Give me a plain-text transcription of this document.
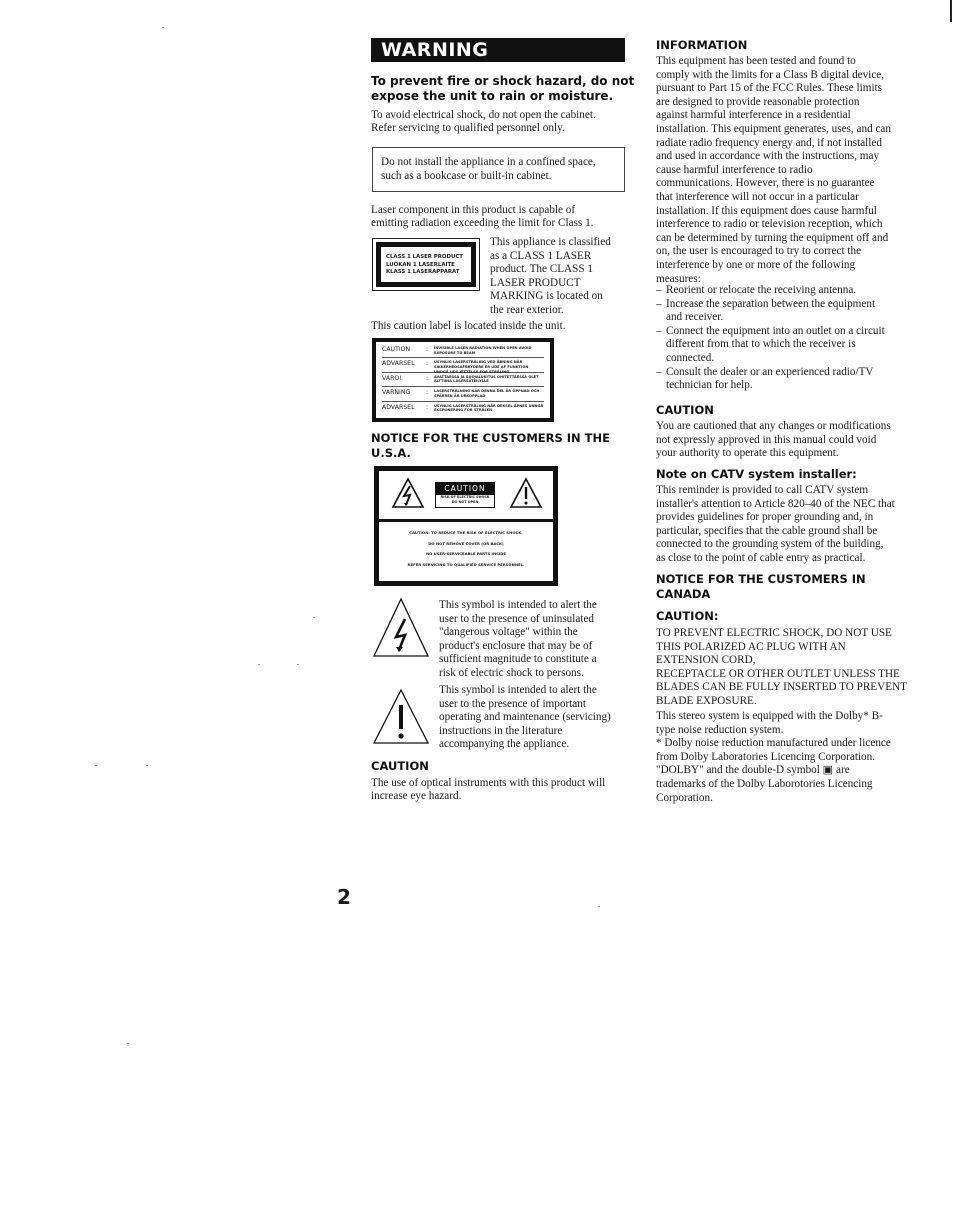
WARNING
To prevent fire or shock hazard, do not
expose the unit to rain or moisture.
To avoid electrical shock, do not open the cabinet.
Refer servicing to qualified personnel only.
Do not install the appliance in a confined space,
such as a bookcase or built-in cabinet.
Laser component in this product is capable of
emitting radiation exceeding the limit for Class 1.
CLASS 1 LASER PRODUCT
LUOKAN 1 LASERLAITE
KLASS 1 LASERAPPARAT
This appliance is classified
as a CLASS 1 LASER
product. The CLASS 1
LASER PRODUCT
MARKING is located on
the rear exterior.
This caution label is located inside the unit.
CAUTION	:	INVISIBLE LASER RADIATION WHEN OPEN AVOID EXPOSURE TO BEAM
ADVARSEL	:	USYNLIG LASERSTRÅLING VED ÅBNING NÅR SIKKERHEDSAFBRYDERE ER UDE AF FUNKTION UNDGÅ UDS ÆTTELSE FOR STRÅLING
VARO!	:	AVATTAESSA JA SUOJALUKITUS OHITETTAESSA OLET ALTTIINA LASERSÄTEILYLLE
VARNING	:	LASERSTRÅLNING NÄR DENNA DEL ÄR ÖPPNAD OCH SPÄRREN ÄR URKOPPLAD
ADVARSEL	:	USYNLIG LASERSTRÅLING NÅR DEKSEL ÅPNES UNNGÅ EKSPONERING FOR STRÅLEN
NOTICE FOR THE CUSTOMERS IN THE
U.S.A.
CAUTION
RISK OF ELECTRIC SHOCK
DO NOT OPEN
CAUTION: TO REDUCE THE RISK OF ELECTRIC SHOCK,
DO NOT REMOVE COVER (OR BACK)
NO USER-SERVICEABLE PARTS INSIDE
REFER SERVICING TO QUALIFIED SERVICE PERSONNEL.
This symbol is intended to alert the
user to the presence of uninsulated
"dangerous voltage" within the
product's enclosure that may be of
sufficient magnitude to constitute a
risk of electric shock to persons.
This symbol is intended to alert the
user to the presence of important
operating and maintenance (servicing)
instructions in the literature
accompanying the appliance.
CAUTION
The use of optical instruments with this product will
increase eye hazard.
INFORMATION
This equipment has been tested and found to
comply with the limits for a Class B digital device,
pursuant to Part 15 of the FCC Rules. These limits
are designed to provide reasonable protection
against harmful interference in a residential
installation. This equipment generates, uses, and can
radiate radio frequency energy and, if not installed
and used in accordance with the instructions, may
cause harmful interference to radio
communications. However, there is no guarantee
that interference will not occur in a particular
installation. If this equipment does cause harmful
interference to radio or television reception, which
can be determined by turning the equipment off and
on, the user is encouraged to try to correct the
interference by one or more of the following
measures:
– Reorient or relocate the receiving antenna.
– Increase the separation between the equipment
and receiver.
– Connect the equipment into an outlet on a circuit
different from that to which the receiver is
connected.
– Consult the dealer or an experienced radio/TV
technician for help.
CAUTION
You are cautioned that any changes or modifications
not expressly approved in this manual could void
your authority to operate this equipment.
Note on CATV system installer:
This reminder is provided to call CATV system
installer's attention to Article 820–40 of the NEC that
provides guidelines for proper grounding and, in
particular, specifies that the cable ground shall be
connected to the grounding system of the building,
as close to the point of cable entry as practical.
NOTICE FOR THE CUSTOMERS IN
CANADA
CAUTION:
TO PREVENT ELECTRIC SHOCK, DO NOT USE
THIS POLARIZED AC PLUG WITH AN
EXTENSION CORD,
RECEPTACLE OR OTHER OUTLET UNLESS THE
BLADES CAN BE FULLY INSERTED TO PREVENT
BLADE EXPOSURE.
This stereo system is equipped with the Dolby* B-
type noise reduction system.
* Dolby noise reduction manufactured under licence
from Dolby Laboratories Licencing Corporation.
"DOLBY" and the double-D symbol ▣ are
trademarks of the Dolby Laborotories Licencing
Corporation.
2
